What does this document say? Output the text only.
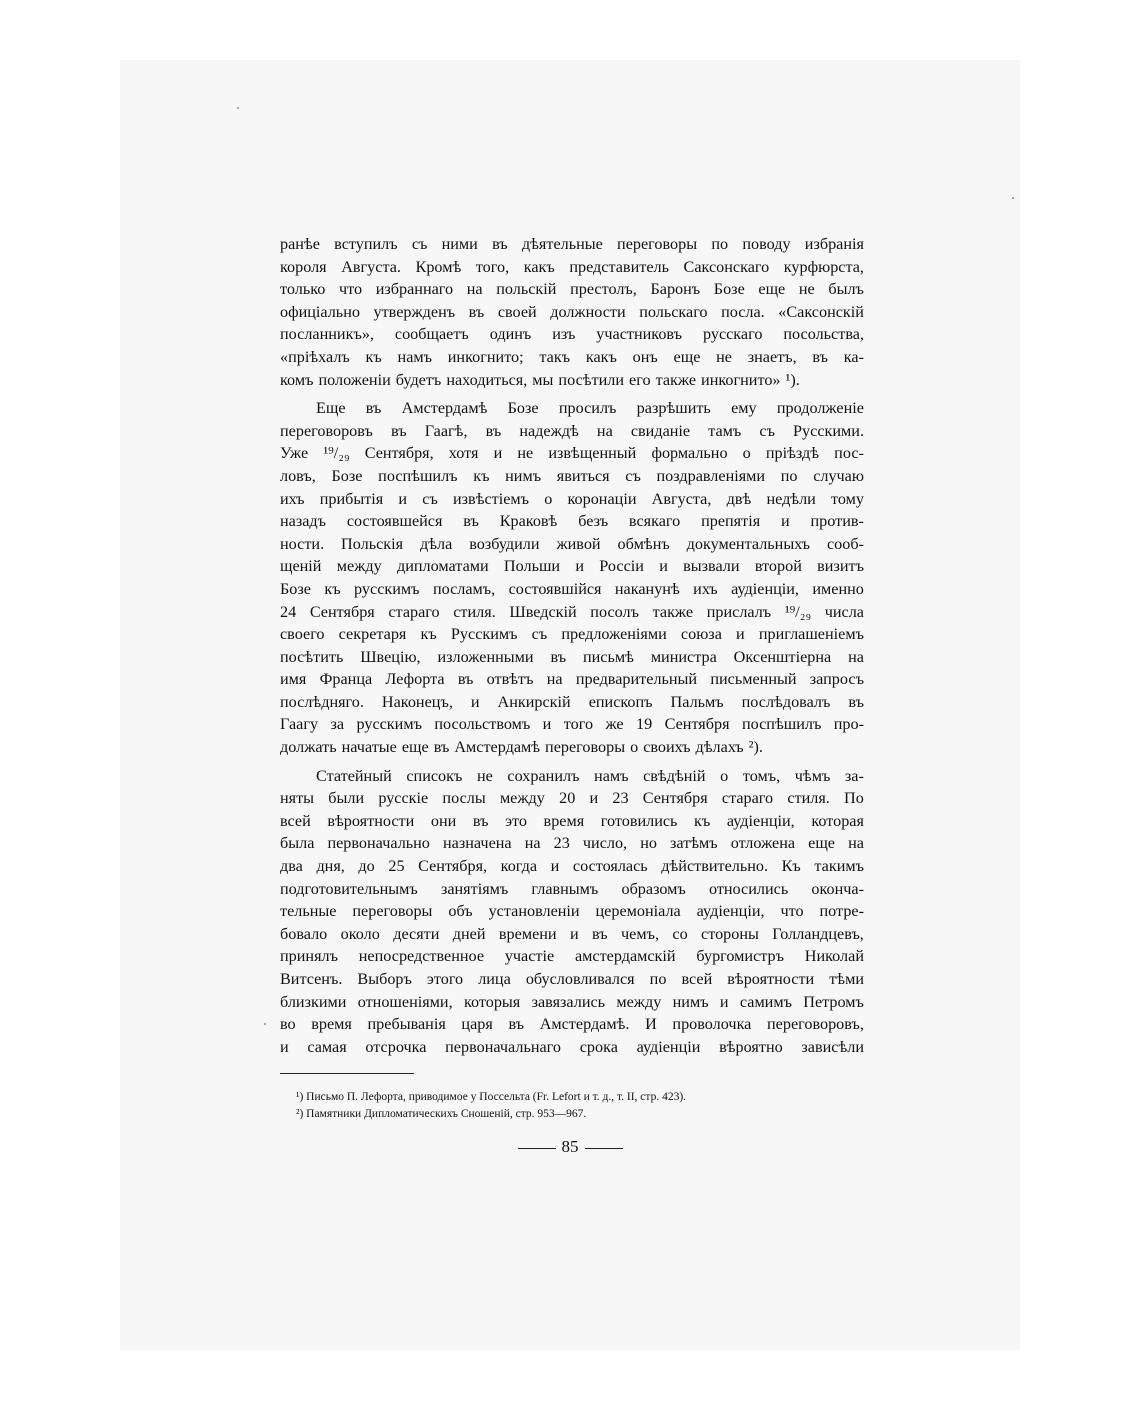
ранѣе вступилъ съ ними въ дѣятельные переговоры по поводу избранія
короля Августа. Кромѣ того, какъ представитель Саксонскаго курфюрста,
только что избраннаго на польскій престолъ, Баронъ Бозе еще не былъ
офиціально утвержденъ въ своей должности польскаго посла. «Саксонскій
посланникъ», сообщаетъ одинъ изъ участниковъ русскаго посольства,
«пріѣхалъ къ намъ инкогнито; такъ какъ онъ еще не знаетъ, въ ка-
комъ положеніи будетъ находиться, мы посѣтили его также инкогнито» ¹).
Еще въ Амстердамѣ Бозе просилъ разрѣшить ему продолженіе
переговоровъ въ Гаагѣ, въ надеждѣ на свиданіе тамъ съ Русскими.
Уже ¹⁹/₂₉ Сентября, хотя и не извѣщенный формально о пріѣздѣ пос-
ловъ, Бозе поспѣшилъ къ нимъ явиться съ поздравленіями по случаю
ихъ прибытія и съ извѣстіемъ о коронаціи Августа, двѣ недѣли тому
назадъ состоявшейся въ Краковѣ безъ всякаго препятія и против-
ности. Польскія дѣла возбудили живой обмѣнъ документальныхъ сооб-
щеній между дипломатами Польши и Россіи и вызвали второй визитъ
Бозе къ русскимъ посламъ, состоявшійся наканунѣ ихъ аудіенціи, именно
24 Сентября стараго стиля. Шведскій посолъ также прислалъ ¹⁹/₂₉ числа
своего секретаря къ Русскимъ съ предложеніями союза и приглашеніемъ
посѣтить Швецію, изложенными въ письмѣ министра Оксенштіерна на
имя Франца Лефорта въ отвѣтъ на предварительный письменный запросъ
послѣдняго. Наконецъ, и Анкирскій епископъ Пальмъ послѣдовалъ въ
Гаагу за русскимъ посольствомъ и того же 19 Сентября поспѣшилъ про-
должать начатые еще въ Амстердамѣ переговоры о своихъ дѣлахъ ²).
Статейный списокъ не сохранилъ намъ свѣдѣній о томъ, чѣмъ за-
няты были русскіе послы между 20 и 23 Сентября стараго стиля. По
всей вѣроятности они въ это время готовились къ аудіенціи, которая
была первоначально назначена на 23 число, но затѣмъ отложена еще на
два дня, до 25 Сентября, когда и состоялась дѣйствительно. Къ такимъ
подготовительнымъ занятіямъ главнымъ образомъ относились оконча-
тельные переговоры объ установленіи церемоніала аудіенціи, что потре-
бовало около десяти дней времени и въ чемъ, со стороны Голландцевъ,
принялъ непосредственное участіе амстердамскій бургомистръ Николай
Витсенъ. Выборъ этого лица обусловливался по всей вѣроятности тѣми
близкими отношеніями, которыя завязались между нимъ и самимъ Петромъ
во время пребыванія царя въ Амстердамѣ. И проволочка переговоровъ,
и самая отсрочка первоначальнаго срока аудіенціи вѣроятно зависѣли
¹) Письмо П. Лефорта, приводимое у Поссельта (Fr. Lefort и т. д., т. II, стр. 423).
²) Памятники Дипломатическихъ Сношеній, стр. 953—967.
85
